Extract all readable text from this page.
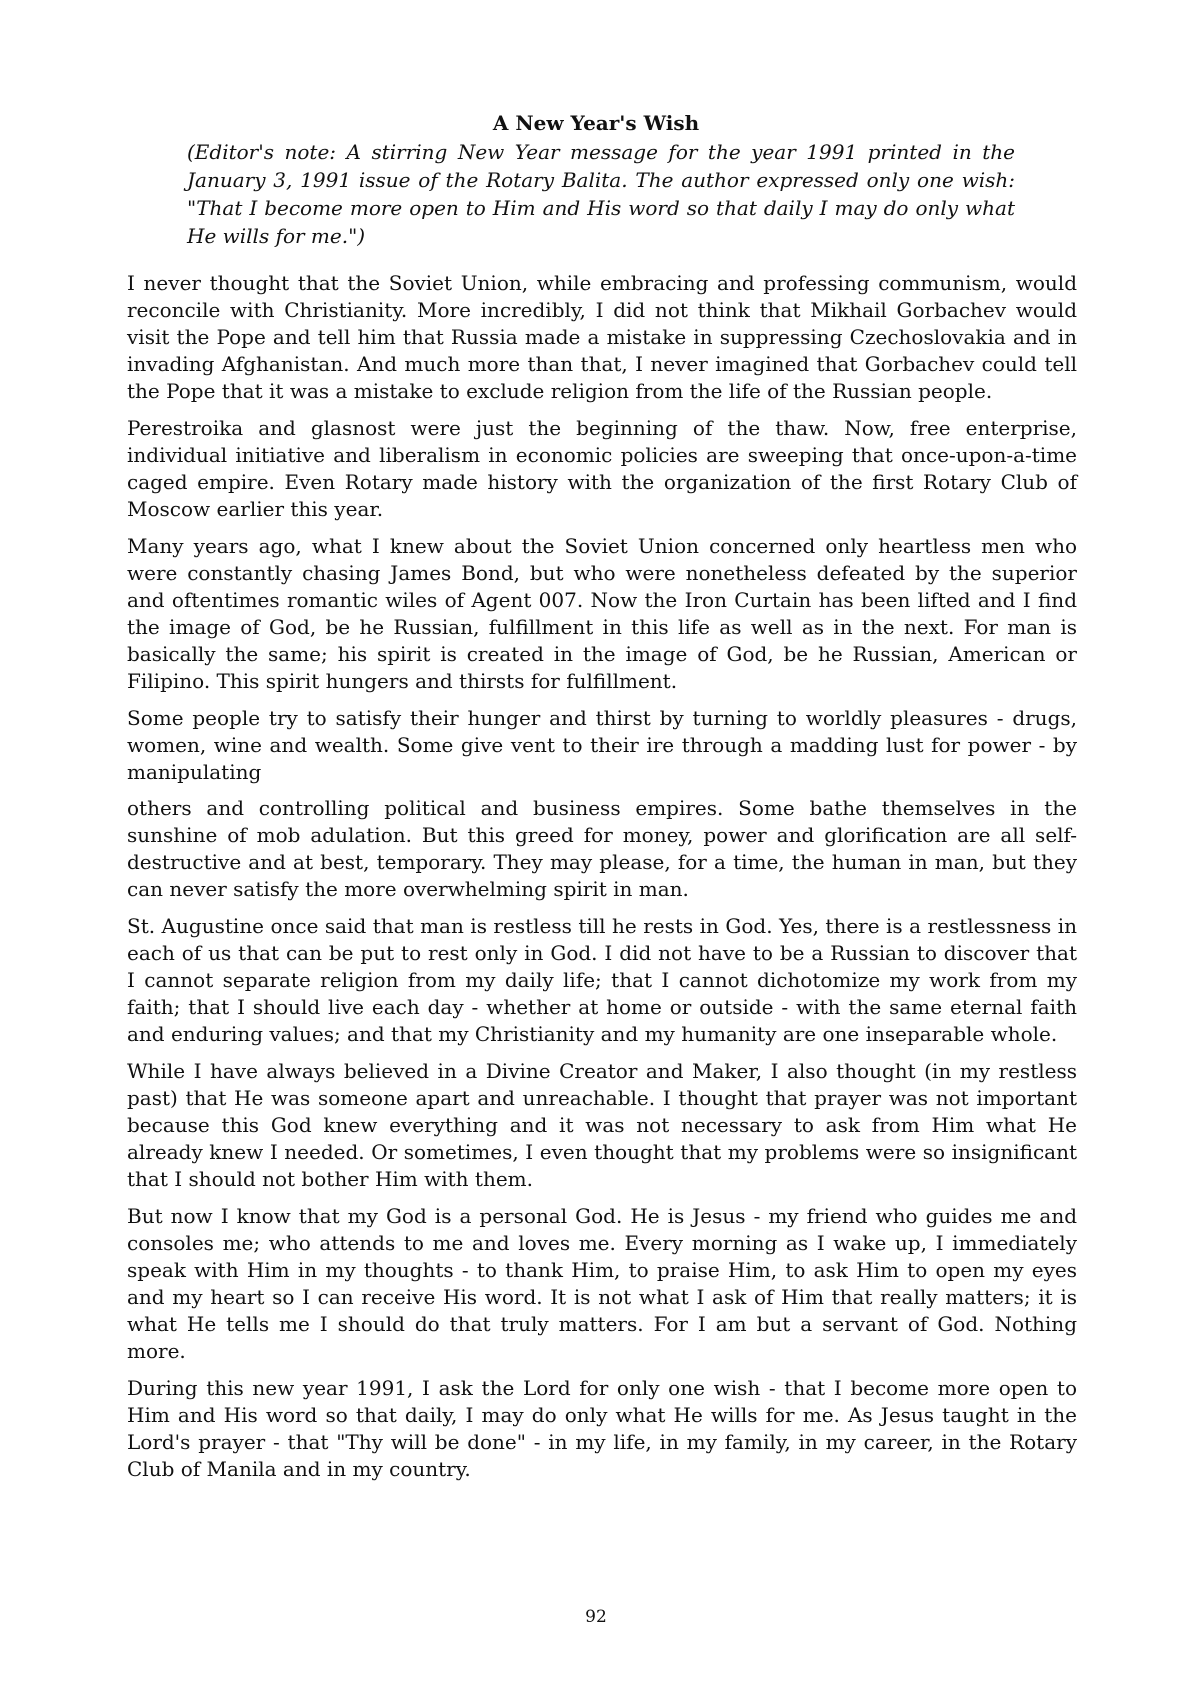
A New Year's Wish

(Editor's note: A stirring New Year message for the year 1991 printed in the January 3, 1991 issue of the Rotary Balita. The author expressed only one wish: "That I become more open to Him and His word so that daily I may do only what He wills for me.")

I never thought that the Soviet Union, while embracing and professing communism, would reconcile with Christianity. More incredibly, I did not think that Mikhail Gorbachev would visit the Pope and tell him that Russia made a mistake in suppressing Czechoslovakia and in invading Afghanistan. And much more than that, I never imagined that Gorbachev could tell the Pope that it was a mistake to exclude religion from the life of the Russian people.

Perestroika and glasnost were just the beginning of the thaw. Now, free enterprise, individual initiative and liberalism in economic policies are sweeping that once-upon-a-time caged empire. Even Rotary made history with the organization of the first Rotary Club of Moscow earlier this year.

Many years ago, what I knew about the Soviet Union concerned only heartless men who were constantly chasing James Bond, but who were nonetheless defeated by the superior and oftentimes romantic wiles of Agent 007. Now the Iron Curtain has been lifted and I find the image of God, be he Russian, fulfillment in this life as well as in the next. For man is basically the same; his spirit is created in the image of God, be he Russian, American or Filipino. This spirit hungers and thirsts for fulfillment.

Some people try to satisfy their hunger and thirst by turning to worldly pleasures - drugs, women, wine and wealth. Some give vent to their ire through a madding lust for power - by manipulating

others and controlling political and business empires. Some bathe themselves in the sunshine of mob adulation. But this greed for money, power and glorification are all self-destructive and at best, temporary. They may please, for a time, the human in man, but they can never satisfy the more overwhelming spirit in man.

St. Augustine once said that man is restless till he rests in God. Yes, there is a restlessness in each of us that can be put to rest only in God. I did not have to be a Russian to discover that I cannot separate religion from my daily life; that I cannot dichotomize my work from my faith; that I should live each day - whether at home or outside - with the same eternal faith and enduring values; and that my Christianity and my humanity are one inseparable whole.

While I have always believed in a Divine Creator and Maker, I also thought (in my restless past) that He was someone apart and unreachable. I thought that prayer was not important because this God knew everything and it was not necessary to ask from Him what He already knew I needed. Or sometimes, I even thought that my problems were so insignificant that I should not bother Him with them.

But now I know that my God is a personal God. He is Jesus - my friend who guides me and consoles me; who attends to me and loves me. Every morning as I wake up, I immediately speak with Him in my thoughts - to thank Him, to praise Him, to ask Him to open my eyes and my heart so I can receive His word. It is not what I ask of Him that really matters; it is what He tells me I should do that truly matters. For I am but a servant of God. Nothing more.

During this new year 1991, I ask the Lord for only one wish - that I become more open to Him and His word so that daily, I may do only what He wills for me. As Jesus taught in the Lord's prayer - that "Thy will be done" - in my life, in my family, in my career, in the Rotary Club of Manila and in my country.

92
